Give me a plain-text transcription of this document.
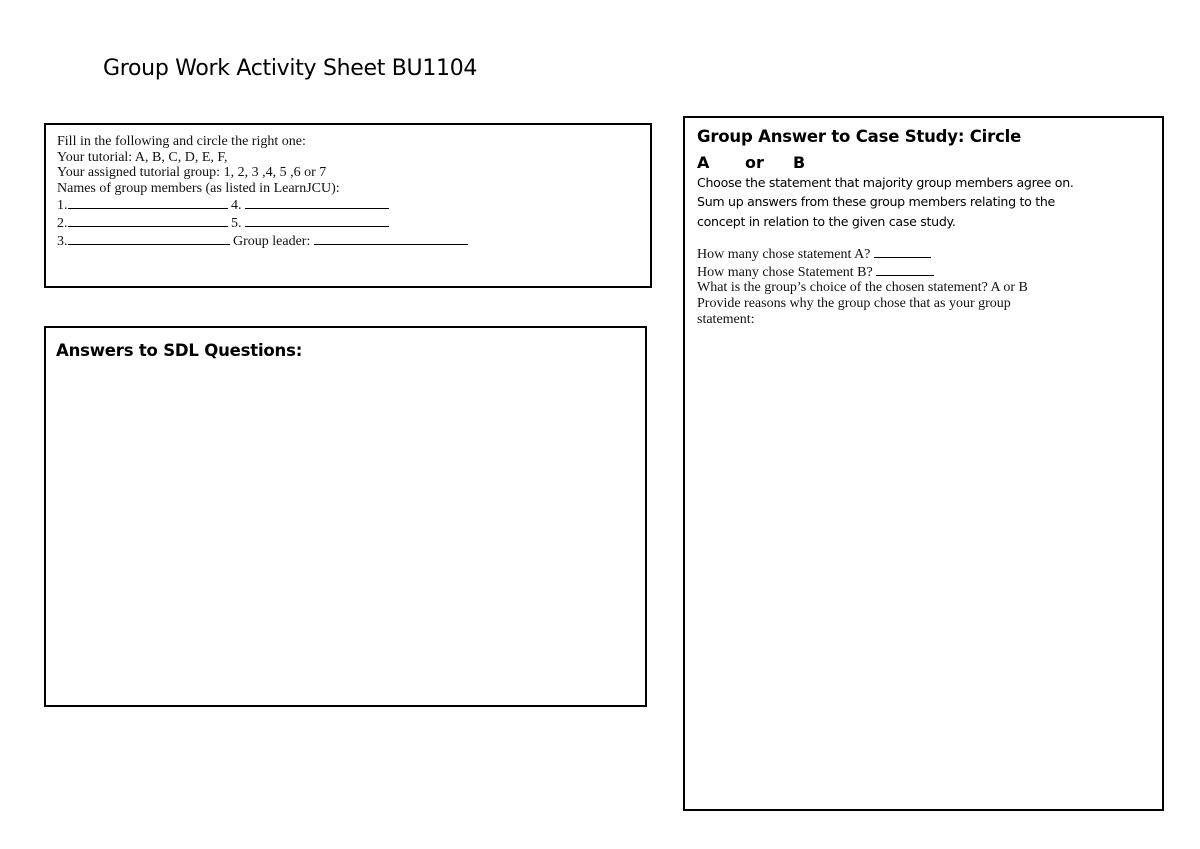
Group Work Activity Sheet BU1104
Fill in the following and circle the right one:
Your tutorial: A, B, C, D, E, F,
Your assigned tutorial group: 1, 2, 3 ,4, 5 ,6 or 7
Names of group members (as listed in LearnJCU):
1.	4.
2.	5.
3.	Group leader:
Answers to SDL Questions:
Group Answer to Case Study: Circle
A or B
Choose the statement that majority group members agree on.
Sum up answers from these group members relating to the
concept in relation to the given case study.
How many chose statement A?
How many chose Statement B?
What is the group’s choice of the chosen statement? A or B
Provide reasons why the group chose that as your group
statement:
